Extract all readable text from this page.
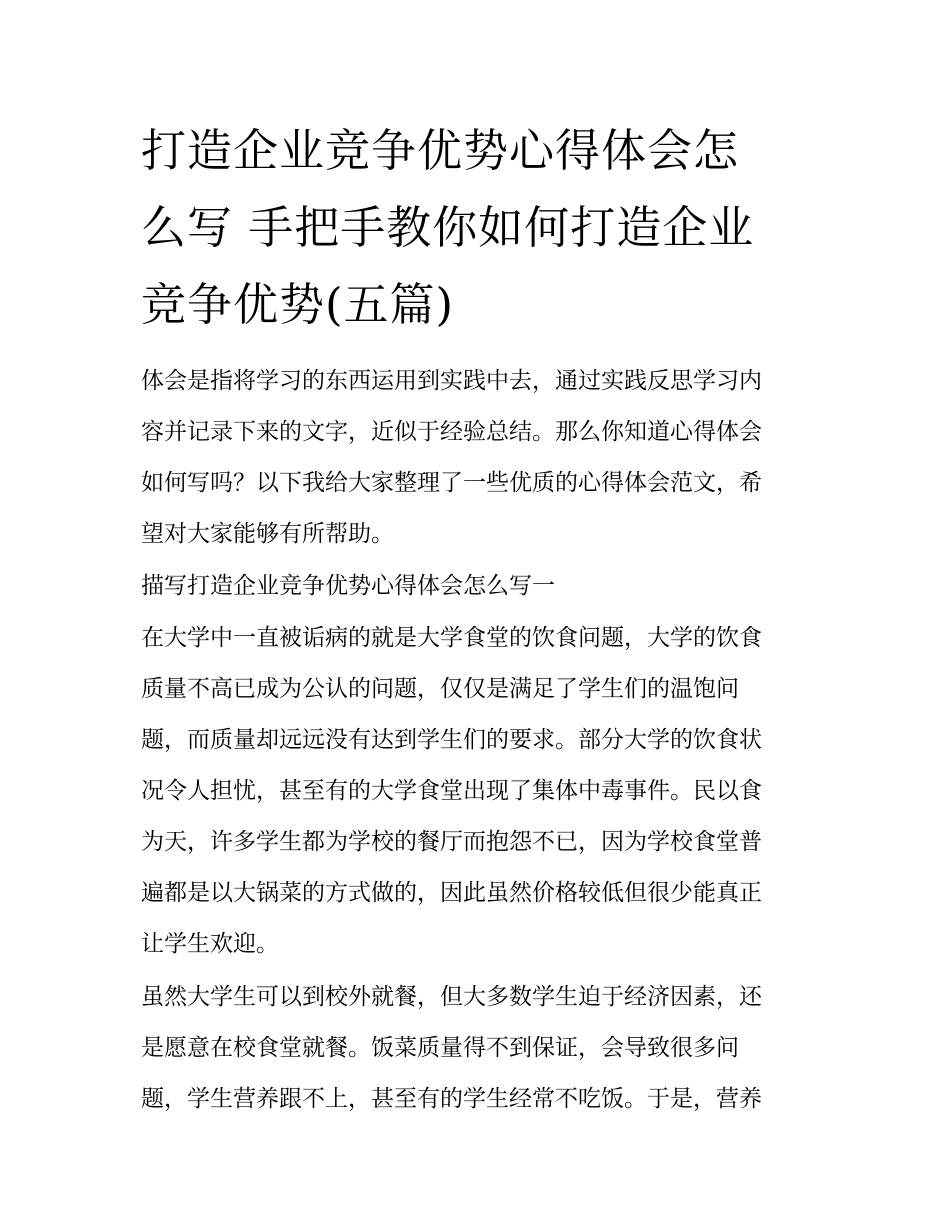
打造企业竞争优势心得体会怎
么写 手把手教你如何打造企业
竞争优势(五篇)

体会是指将学习的东西运用到实践中去，通过实践反思学习内
容并记录下来的文字，近似于经验总结。那么你知道心得体会
如何写吗？以下我给大家整理了一些优质的心得体会范文，希
望对大家能够有所帮助。

描写打造企业竞争优势心得体会怎么写一

在大学中一直被诟病的就是大学食堂的饮食问题，大学的饮食
质量不高已成为公认的问题，仅仅是满足了学生们的温饱问
题，而质量却远远没有达到学生们的要求。部分大学的饮食状
况令人担忧，甚至有的大学食堂出现了集体中毒事件。民以食
为天，许多学生都为学校的餐厅而抱怨不已，因为学校食堂普
遍都是以大锅菜的方式做的，因此虽然价格较低但很少能真正
让学生欢迎。

虽然大学生可以到校外就餐，但大多数学生迫于经济因素，还
是愿意在校食堂就餐。饭菜质量得不到保证，会导致很多问
题，学生营养跟不上，甚至有的学生经常不吃饭。于是，营养
